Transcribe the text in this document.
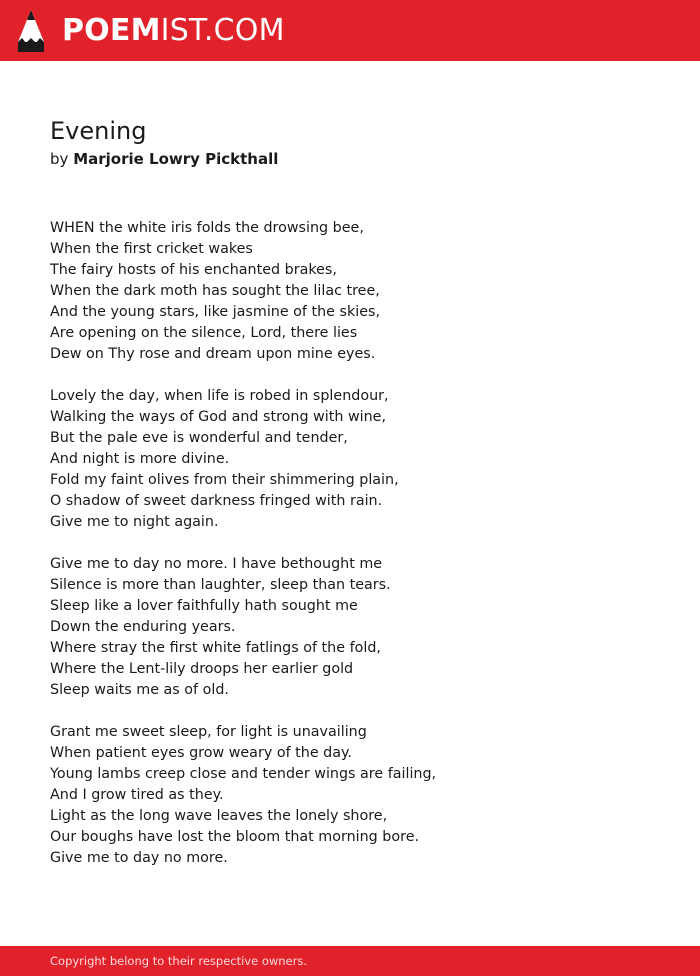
POEMIST.COM
Evening
by Marjorie Lowry Pickthall
WHEN the white iris folds the drowsing bee,
When the first cricket wakes
The fairy hosts of his enchanted brakes,
When the dark moth has sought the lilac tree,
And the young stars, like jasmine of the skies,
Are opening on the silence, Lord, there lies
Dew on Thy rose and dream upon mine eyes.
Lovely the day, when life is robed in splendour,
Walking the ways of God and strong with wine,
But the pale eve is wonderful and tender,
And night is more divine.
Fold my faint olives from their shimmering plain,
O shadow of sweet darkness fringed with rain.
Give me to night again.
Give me to day no more. I have bethought me
Silence is more than laughter, sleep than tears.
Sleep like a lover faithfully hath sought me
Down the enduring years.
Where stray the first white fatlings of the fold,
Where the Lent-lily droops her earlier gold
Sleep waits me as of old.
Grant me sweet sleep, for light is unavailing
When patient eyes grow weary of the day.
Young lambs creep close and tender wings are failing,
And I grow tired as they.
Light as the long wave leaves the lonely shore,
Our boughs have lost the bloom that morning bore.
Give me to day no more.
Copyright belong to their respective owners.
